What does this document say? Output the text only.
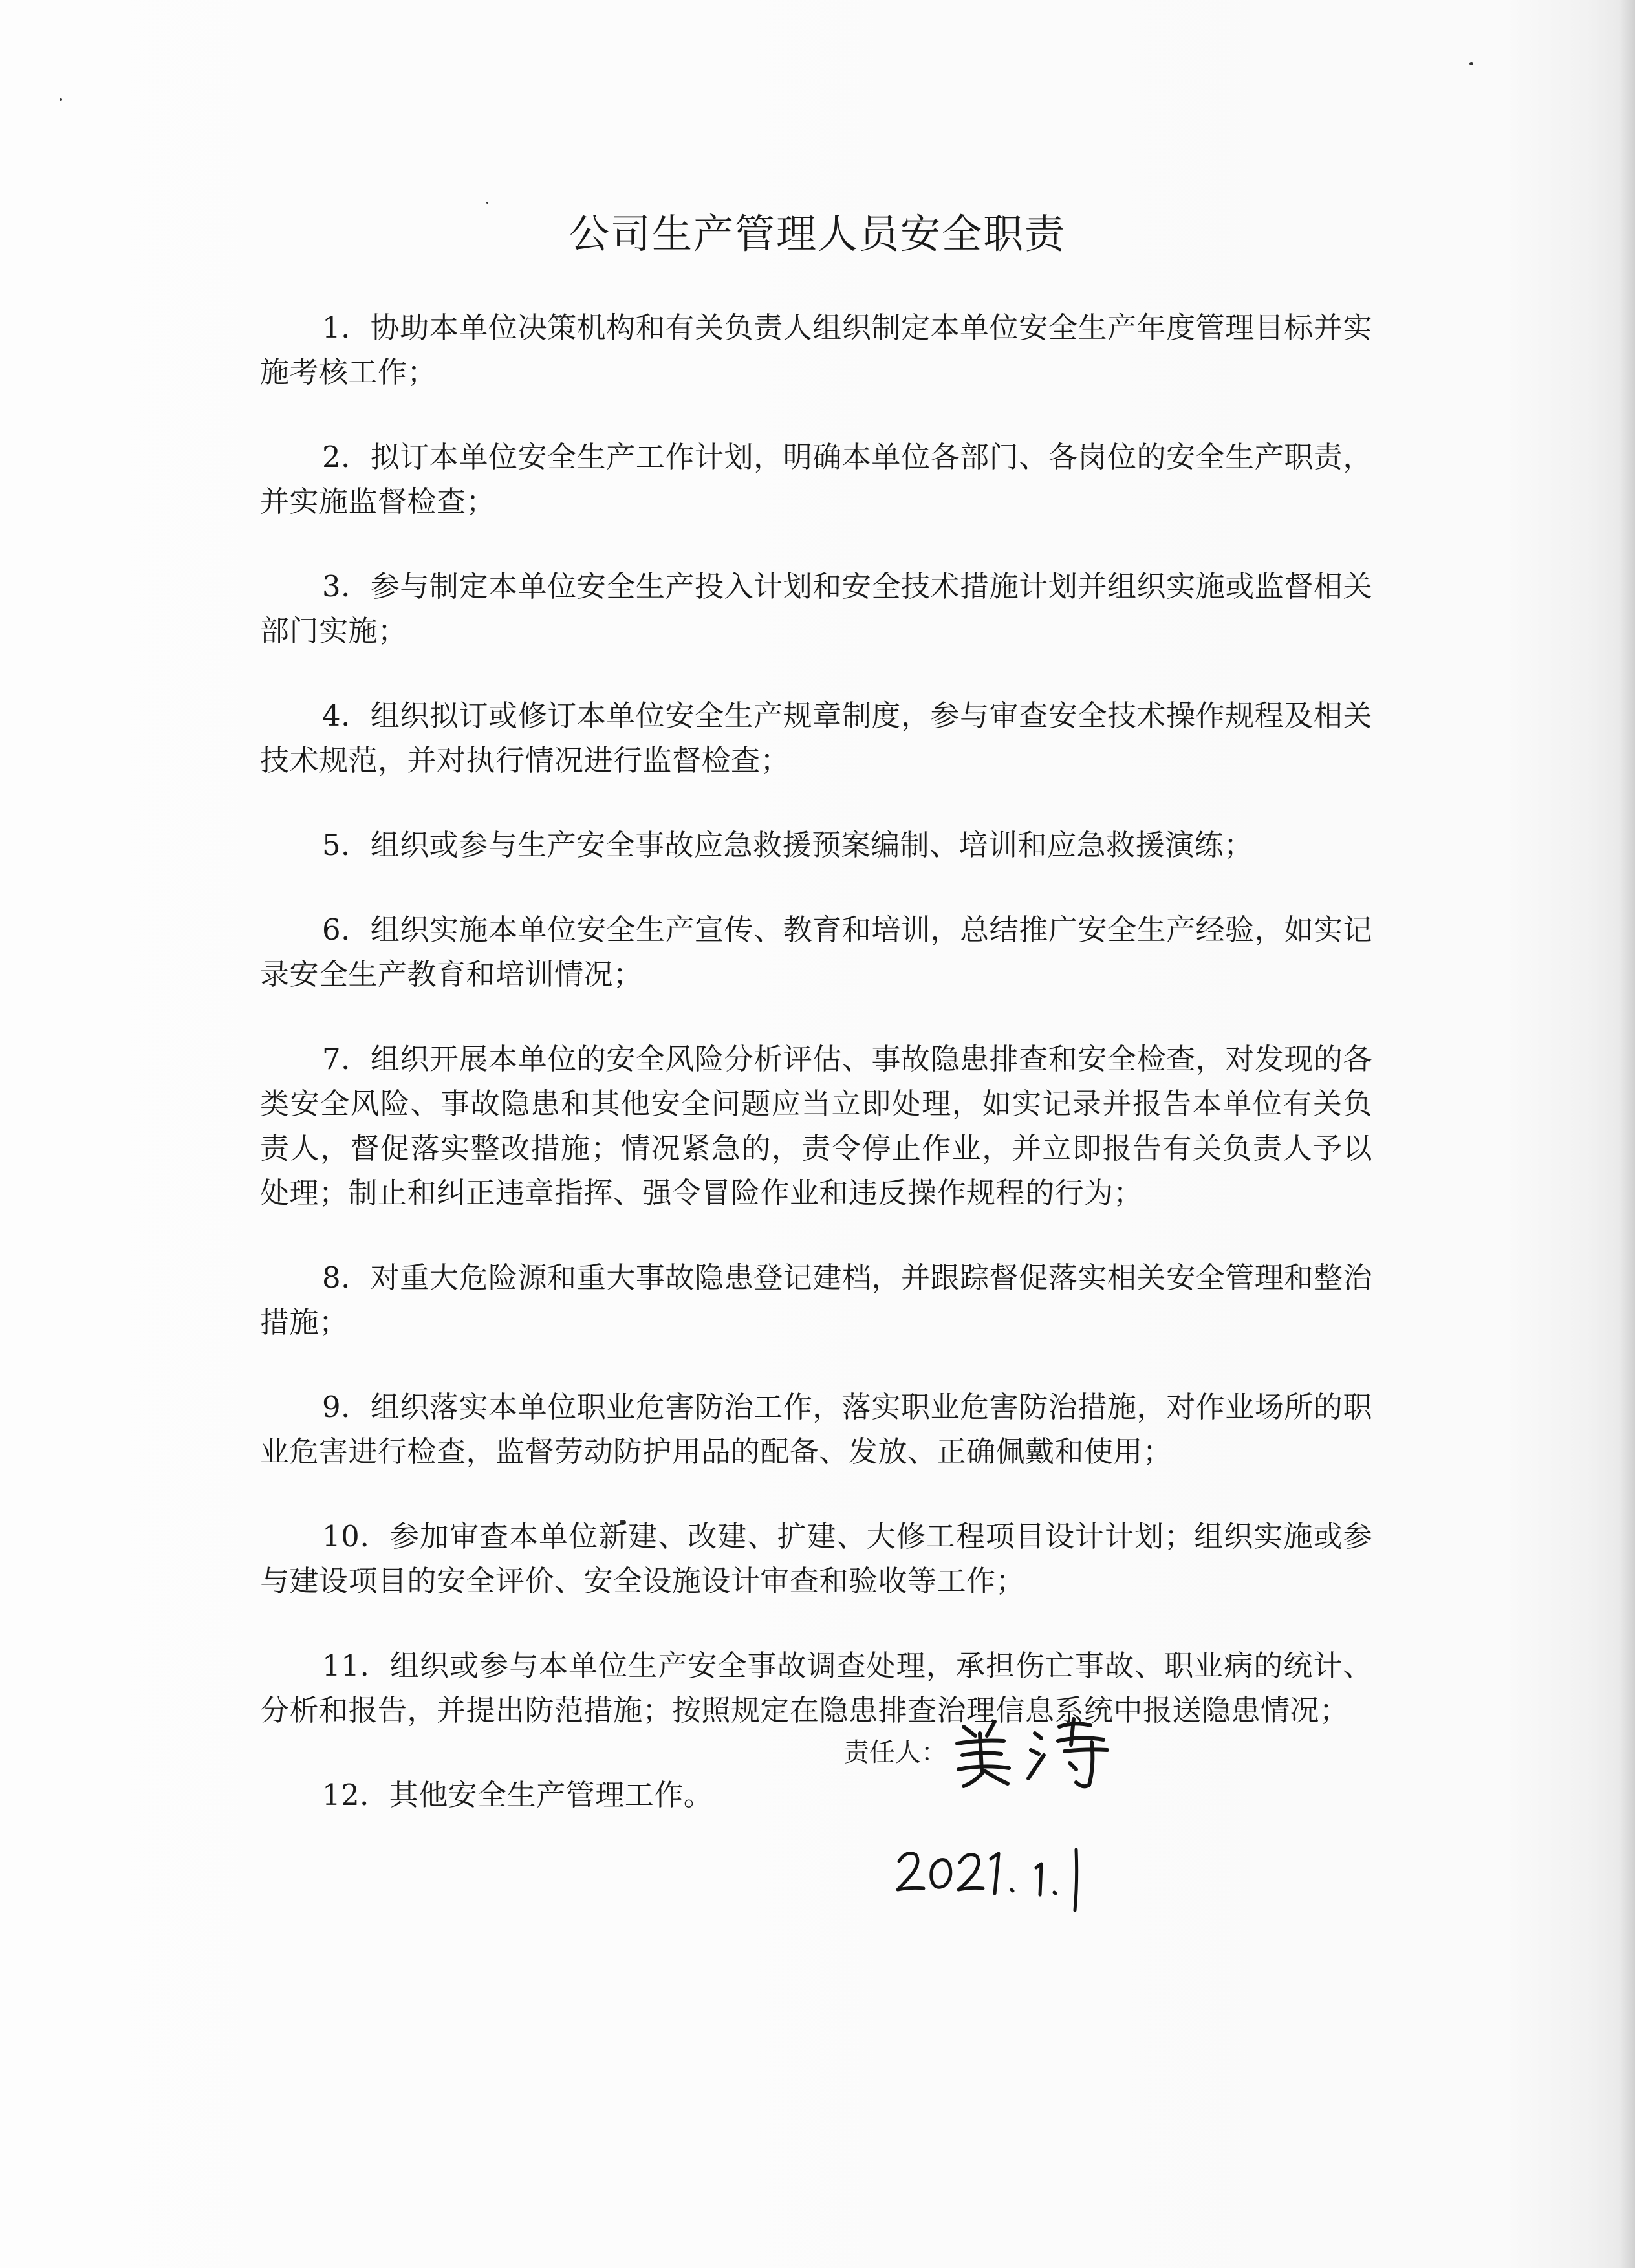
公司生产管理人员安全职责

1．协助本单位决策机构和有关负责人组织制定本单位安全生产年度管理目标并实施考核工作；

2．拟订本单位安全生产工作计划，明确本单位各部门、各岗位的安全生产职责，并实施监督检查；

3．参与制定本单位安全生产投入计划和安全技术措施计划并组织实施或监督相关部门实施；

4．组织拟订或修订本单位安全生产规章制度，参与审查安全技术操作规程及相关技术规范，并对执行情况进行监督检查；

5．组织或参与生产安全事故应急救援预案编制、培训和应急救援演练；

6．组织实施本单位安全生产宣传、教育和培训，总结推广安全生产经验，如实记录安全生产教育和培训情况；

7．组织开展本单位的安全风险分析评估、事故隐患排查和安全检查，对发现的各类安全风险、事故隐患和其他安全问题应当立即处理，如实记录并报告本单位有关负责人，督促落实整改措施；情况紧急的，责令停止作业，并立即报告有关负责人予以处理；制止和纠正违章指挥、强令冒险作业和违反操作规程的行为；

8．对重大危险源和重大事故隐患登记建档，并跟踪督促落实相关安全管理和整治措施；

9．组织落实本单位职业危害防治工作，落实职业危害防治措施，对作业场所的职业危害进行检查，监督劳动防护用品的配备、发放、正确佩戴和使用；

10．参加审查本单位新建、改建、扩建、大修工程项目设计计划；组织实施或参与建设项目的安全评价、安全设施设计审查和验收等工作；

11．组织或参与本单位生产安全事故调查处理，承担伤亡事故、职业病的统计、分析和报告，并提出防范措施；按照规定在隐患排查治理信息系统中报送隐患情况；

12．其他安全生产管理工作。

责任人：
